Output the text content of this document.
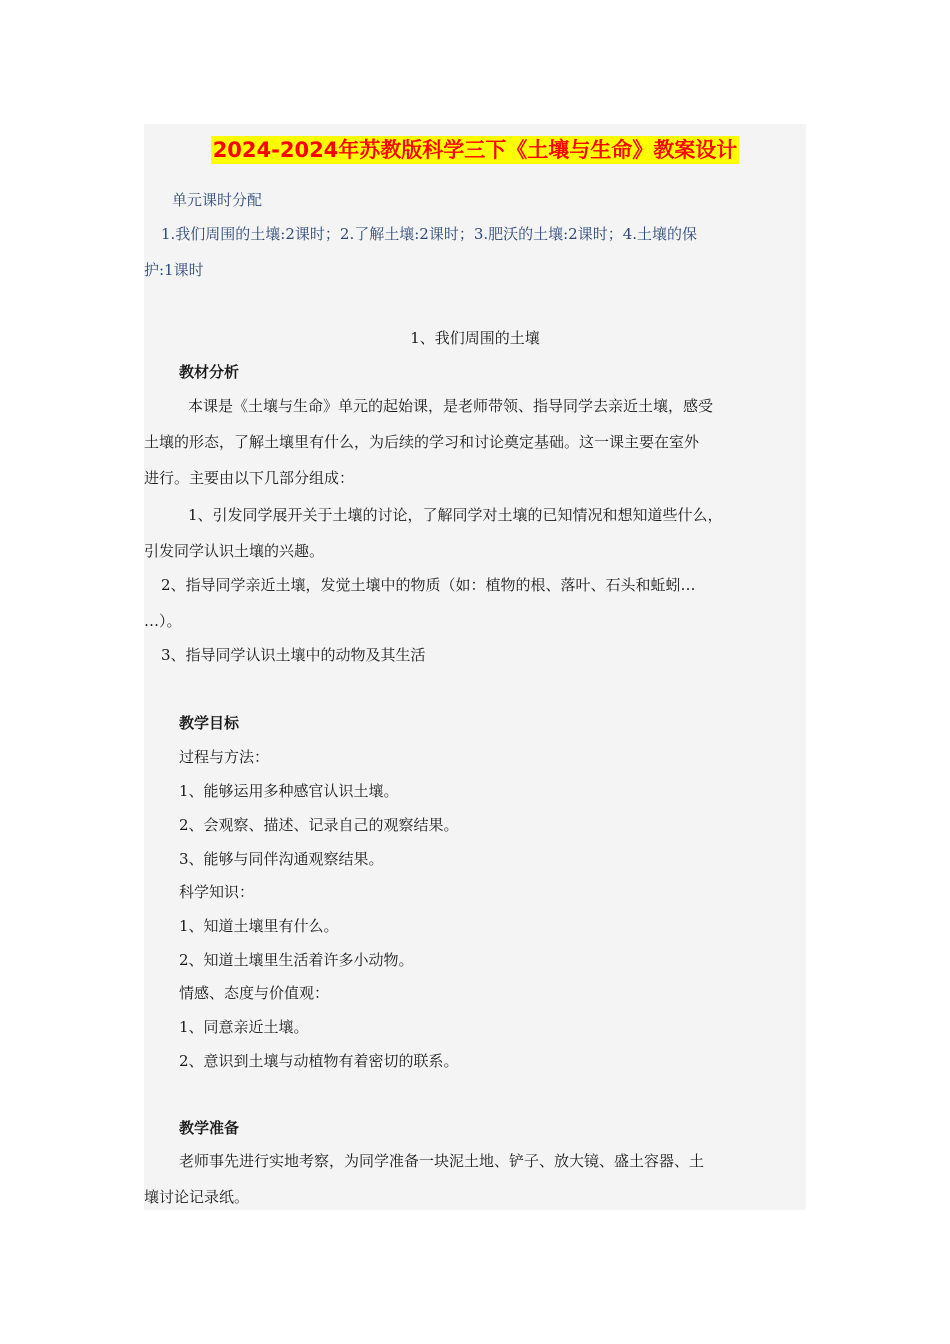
2024-2024年苏教版科学三下《土壤与生命》教案设计
单元课时分配
1.我们周围的土壤:2课时；2.了解土壤:2课时；3.肥沃的土壤:2课时；4.土壤的保
护:1课时
1、我们周围的土壤
教材分析
本课是《土壤与生命》单元的起始课，是老师带领、指导同学去亲近土壤，感受
土壤的形态，了解土壤里有什么，为后续的学习和讨论奠定基础。这一课主要在室外
进行。主要由以下几部分组成：
1、引发同学展开关于土壤的讨论，了解同学对土壤的已知情况和想知道些什么，
引发同学认识土壤的兴趣。
2、指导同学亲近土壤，发觉土壤中的物质（如：植物的根、落叶、石头和蚯蚓…
…）。
3、指导同学认识土壤中的动物及其生活
教学目标
过程与方法：
1、能够运用多种感官认识土壤。
2、会观察、描述、记录自己的观察结果。
3、能够与同伴沟通观察结果。
科学知识：
1、知道土壤里有什么。
2、知道土壤里生活着许多小动物。
情感、态度与价值观：
1、同意亲近土壤。
2、意识到土壤与动植物有着密切的联系。
教学准备
老师事先进行实地考察，为同学准备一块泥土地、铲子、放大镜、盛土容器、土
壤讨论记录纸。
